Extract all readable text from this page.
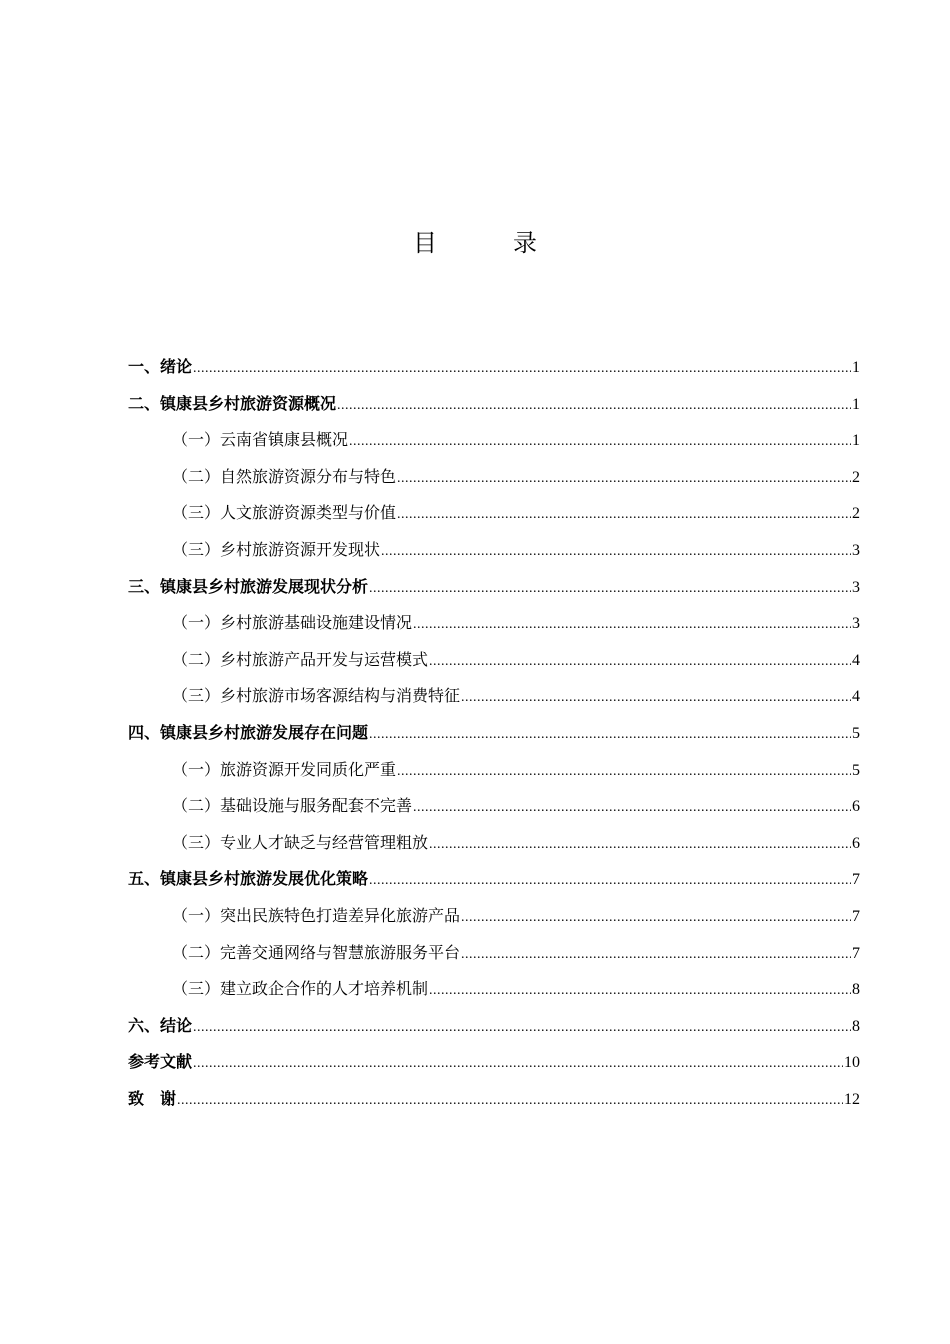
目　录
一、绪论 .....	1
二、镇康县乡村旅游资源概况 .....	1
（一）云南省镇康县概况 .....	1
（二）自然旅游资源分布与特色 .....	2
（三）人文旅游资源类型与价值 .....	2
（三）乡村旅游资源开发现状 .....	3
三、镇康县乡村旅游发展现状分析 .....	3
（一）乡村旅游基础设施建设情况 .....	3
（二）乡村旅游产品开发与运营模式 .....	4
（三）乡村旅游市场客源结构与消费特征 .....	4
四、镇康县乡村旅游发展存在问题 .....	5
（一）旅游资源开发同质化严重 .....	5
（二）基础设施与服务配套不完善 .....	6
（三）专业人才缺乏与经营管理粗放 .....	6
五、镇康县乡村旅游发展优化策略 .....	7
（一）突出民族特色打造差异化旅游产品 .....	7
（二）完善交通网络与智慧旅游服务平台 .....	7
（三）建立政企合作的人才培养机制 .....	8
六、结论 .....	8
参考文献 .....	10
致　谢 .....	12
